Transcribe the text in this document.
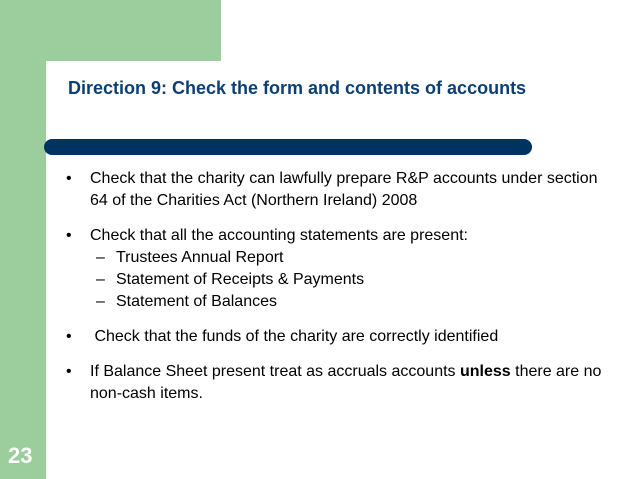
Direction 9: Check the form and contents of accounts
• Check that the charity can lawfully prepare R&P accounts under section 64 of the Charities Act (Northern Ireland) 2008
• Check that all the accounting statements are present:
– Trustees Annual Report
– Statement of Receipts & Payments
– Statement of Balances
• Check that the funds of the charity are correctly identified
• If Balance Sheet present treat as accruals accounts unless there are no non-cash items.
23
